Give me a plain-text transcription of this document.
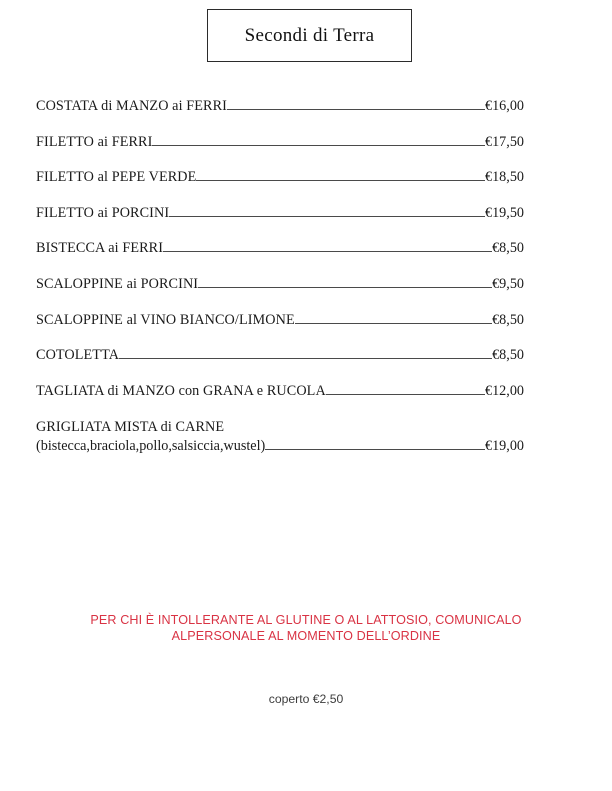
Secondi di Terra
COSTATA di MANZO ai FERRI	€16,00
FILETTO ai FERRI	€17,50
FILETTO al PEPE VERDE	€18,50
FILETTO ai PORCINI	€19,50
BISTECCA ai FERRI	€8,50
SCALOPPINE ai PORCINI	€9,50
SCALOPPINE al VINO BIANCO/LIMONE	€8,50
COTOLETTA	€8,50
TAGLIATA di MANZO con GRANA e RUCOLA	€12,00
GRIGLIATA MISTA di CARNE
(bistecca,braciola,pollo,salsiccia,wustel)	€19,00
PER CHI È INTOLLERANTE AL GLUTINE O AL LATTOSIO, COMUNICALO
ALPERSONALE AL MOMENTO DELL’ORDINE
coperto €2,50
